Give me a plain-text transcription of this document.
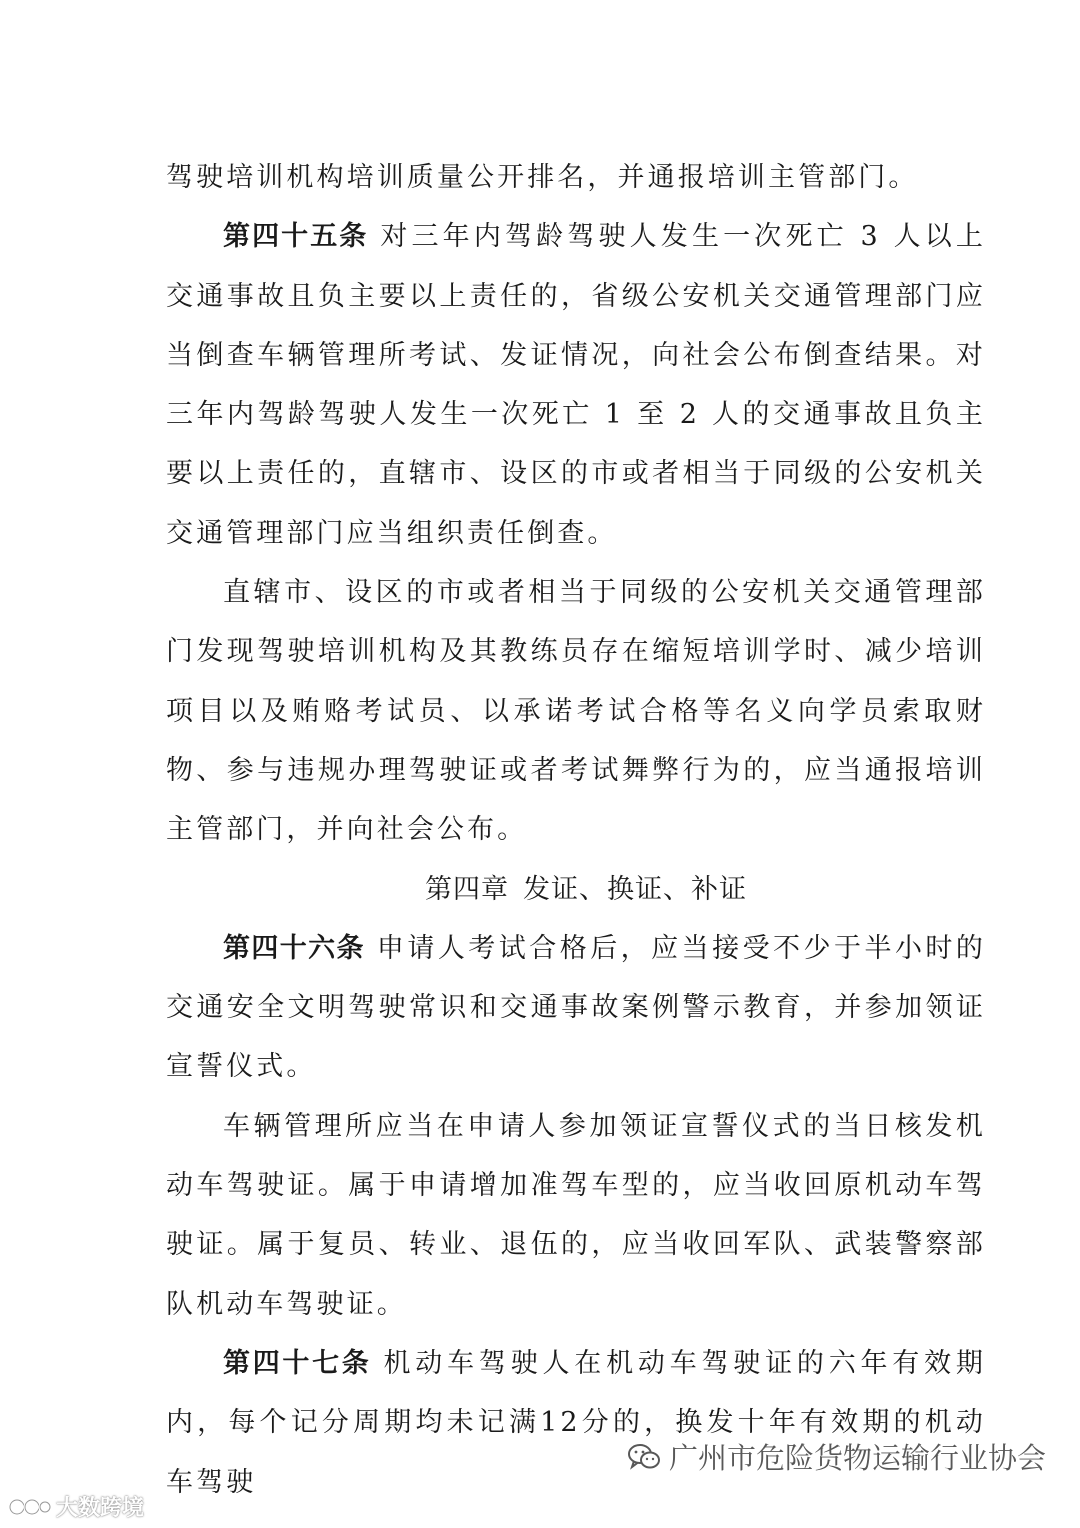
驾驶培训机构培训质量公开排名，并通报培训主管部门。

第四十五条 对三年内驾龄驾驶人发生一次死亡 3 人以上交通事故且负主要以上责任的，省级公安机关交通管理部门应当倒查车辆管理所考试、发证情况，向社会公布倒查结果。对三年内驾龄驾驶人发生一次死亡 1 至 2 人的交通事故且负主要以上责任的，直辖市、设区的市或者相当于同级的公安机关交通管理部门应当组织责任倒查。

直辖市、设区的市或者相当于同级的公安机关交通管理部门发现驾驶培训机构及其教练员存在缩短培训学时、减少培训项目以及贿赂考试员、以承诺考试合格等名义向学员索取财物、参与违规办理驾驶证或者考试舞弊行为的，应当通报培训主管部门，并向社会公布。

第四章 发证、换证、补证

第四十六条 申请人考试合格后，应当接受不少于半小时的交通安全文明驾驶常识和交通事故案例警示教育，并参加领证宣誓仪式。

车辆管理所应当在申请人参加领证宣誓仪式的当日核发机动车驾驶证。属于申请增加准驾车型的，应当收回原机动车驾驶证。属于复员、转业、退伍的，应当收回军队、武装警察部队机动车驾驶证。

第四十七条 机动车驾驶人在机动车驾驶证的六年有效期内，每个记分周期均未记满12分的，换发十年有效期的机动车驾驶

广州市危险货物运输行业协会
大数跨境
